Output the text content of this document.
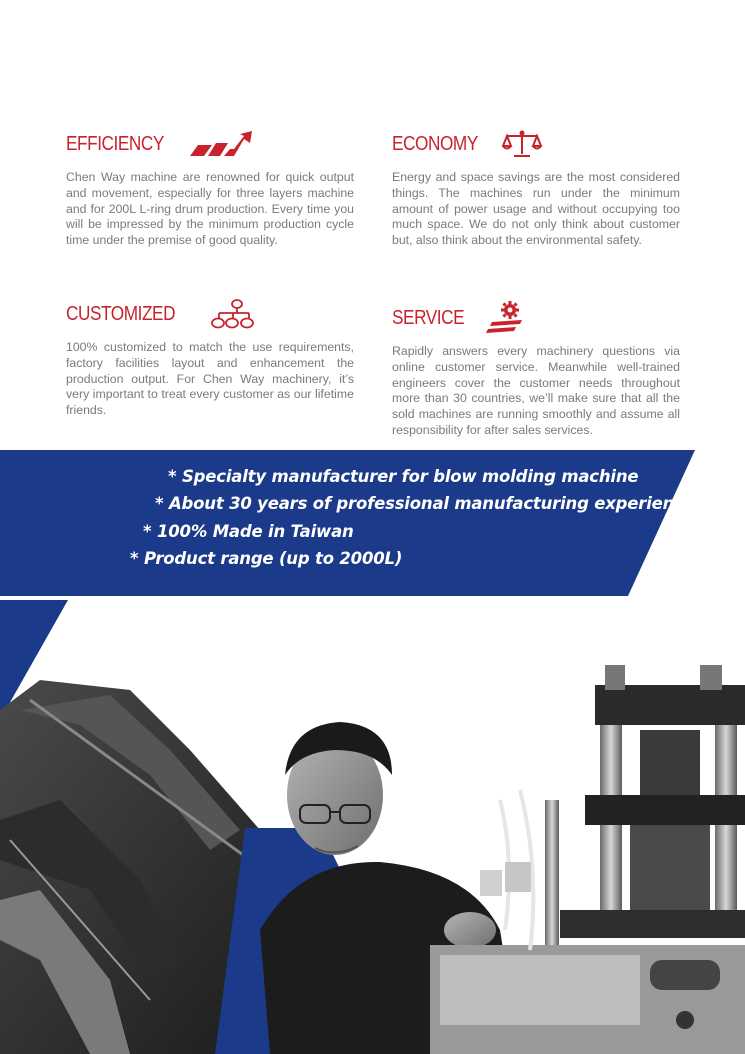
EFFICIENCY

Chen Way machine are renowned for quick output and movement, especially for three layers machine and for 200L L-ring drum production. Every time you will be impressed by the minimum production cycle time under the premise of good quality.

ECONOMY

Energy and space savings are the most considered things. The machines run under the minimum amount of power usage and without occupying too much space. We do not only think about customer but, also think about the environmental safety.

CUSTOMIZED

100% customized to match the use requirements, factory facilities layout and enhancement the production output. For Chen Way machinery, it’s very important to treat every customer as our lifetime friends.

SERVICE

Rapidly answers every machinery questions via online customer service. Meanwhile well-trained engineers cover the customer needs throughout more than 30 countries, we’ll make sure that all the sold machines are running smoothly and assume all responsibility for after sales services.

* Specialty manufacturer for blow molding machine
* About 30 years of professional manufacturing experience
* 100% Made in Taiwan
* Product range (up to 2000L)
